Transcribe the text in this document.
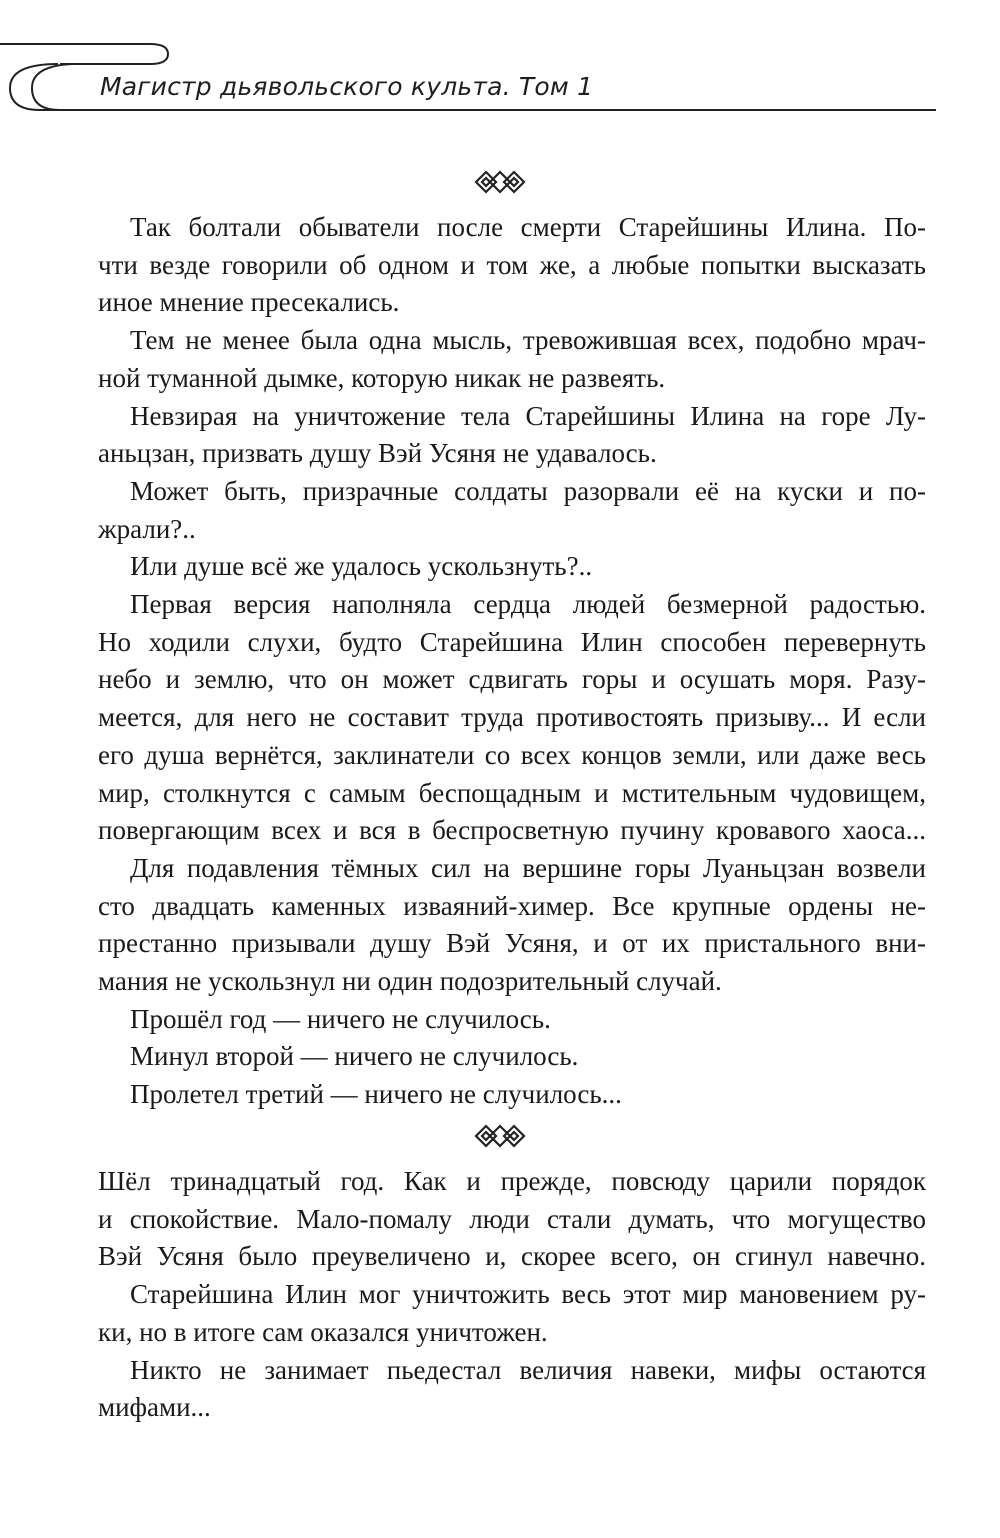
Магистр дьявольского культа. Том 1

Так болтали обыватели после смерти Старейшины Илина. По-
чти везде говорили об одном и том же, а любые попытки высказать
иное мнение пресекались.

Тем не менее была одна мысль, тревожившая всех, подобно мрач-
ной туманной дымке, которую никак не развеять.

Невзирая на уничтожение тела Старейшины Илина на горе Лу-
аньцзан, призвать душу Вэй Усяня не удавалось.

Может быть, призрачные солдаты разорвали её на куски и по-
жрали?..

Или душе всё же удалось ускользнуть?..

Первая версия наполняла сердца людей безмерной радостью.
Но ходили слухи, будто Старейшина Илин способен перевернуть
небо и землю, что он может сдвигать горы и осушать моря. Разу-
меется, для него не составит труда противостоять призыву... И если
его душа вернётся, заклинатели со всех концов земли, или даже весь
мир, столкнутся с самым беспощадным и мстительным чудовищем,
повергающим всех и вся в беспросветную пучину кровавого хаоса...

Для подавления тёмных сил на вершине горы Луаньцзан возвели
сто двадцать каменных изваяний-химер. Все крупные ордены не-
престанно призывали душу Вэй Усяня, и от их пристального вни-
мания не ускользнул ни один подозрительный случай.

Прошёл год — ничего не случилось.

Минул второй — ничего не случилось.

Пролетел третий — ничего не случилось...

Шёл тринадцатый год. Как и прежде, повсюду царили порядок
и спокойствие. Мало-помалу люди стали думать, что могущество
Вэй Усяня было преувеличено и, скорее всего, он сгинул навечно.

Старейшина Илин мог уничтожить весь этот мир мановением ру-
ки, но в итоге сам оказался уничтожен.

Никто не занимает пьедестал величия навеки, мифы остаются
мифами...
